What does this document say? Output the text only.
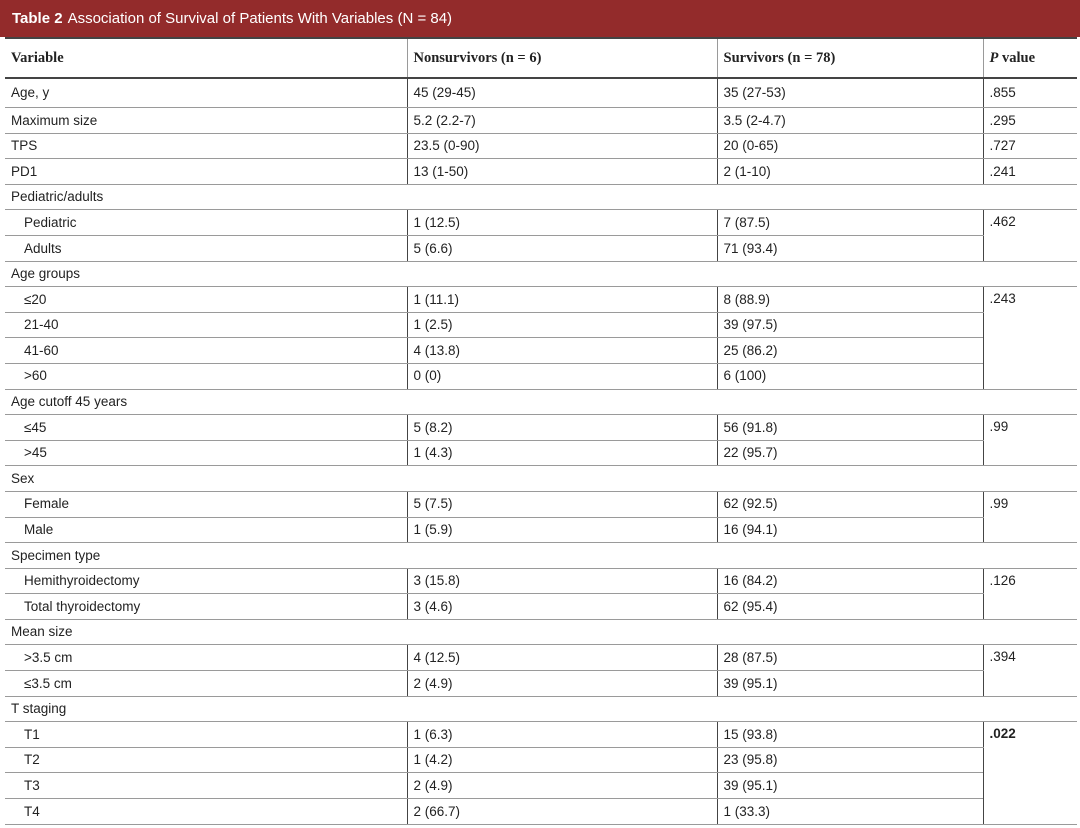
Table 2 Association of Survival of Patients With Variables (N = 84)
Variable	Nonsurvivors (n = 6)	Survivors (n = 78)	P value
Age, y	45 (29-45)	35 (27-53)	.855
Maximum size	5.2 (2.2-7)	3.5 (2-4.7)	.295
TPS	23.5 (0-90)	20 (0-65)	.727
PD1	13 (1-50)	2 (1-10)	.241
Pediatric/adults			
Pediatric	1 (12.5)	7 (87.5)	.462
Adults	5 (6.6)	71 (93.4)	
Age groups			
≤20	1 (11.1)	8 (88.9)	.243
21-40	1 (2.5)	39 (97.5)	
41-60	4 (13.8)	25 (86.2)	
>60	0 (0)	6 (100)	
Age cutoff 45 years			
≤45	5 (8.2)	56 (91.8)	.99
>45	1 (4.3)	22 (95.7)	
Sex			
Female	5 (7.5)	62 (92.5)	.99
Male	1 (5.9)	16 (94.1)	
Specimen type			
Hemithyroidectomy	3 (15.8)	16 (84.2)	.126
Total thyroidectomy	3 (4.6)	62 (95.4)	
Mean size			
>3.5 cm	4 (12.5)	28 (87.5)	.394
≤3.5 cm	2 (4.9)	39 (95.1)	
T staging			
T1	1 (6.3)	15 (93.8)	.022
T2	1 (4.2)	23 (95.8)	
T3	2 (4.9)	39 (95.1)	
T4	2 (66.7)	1 (33.3)	
